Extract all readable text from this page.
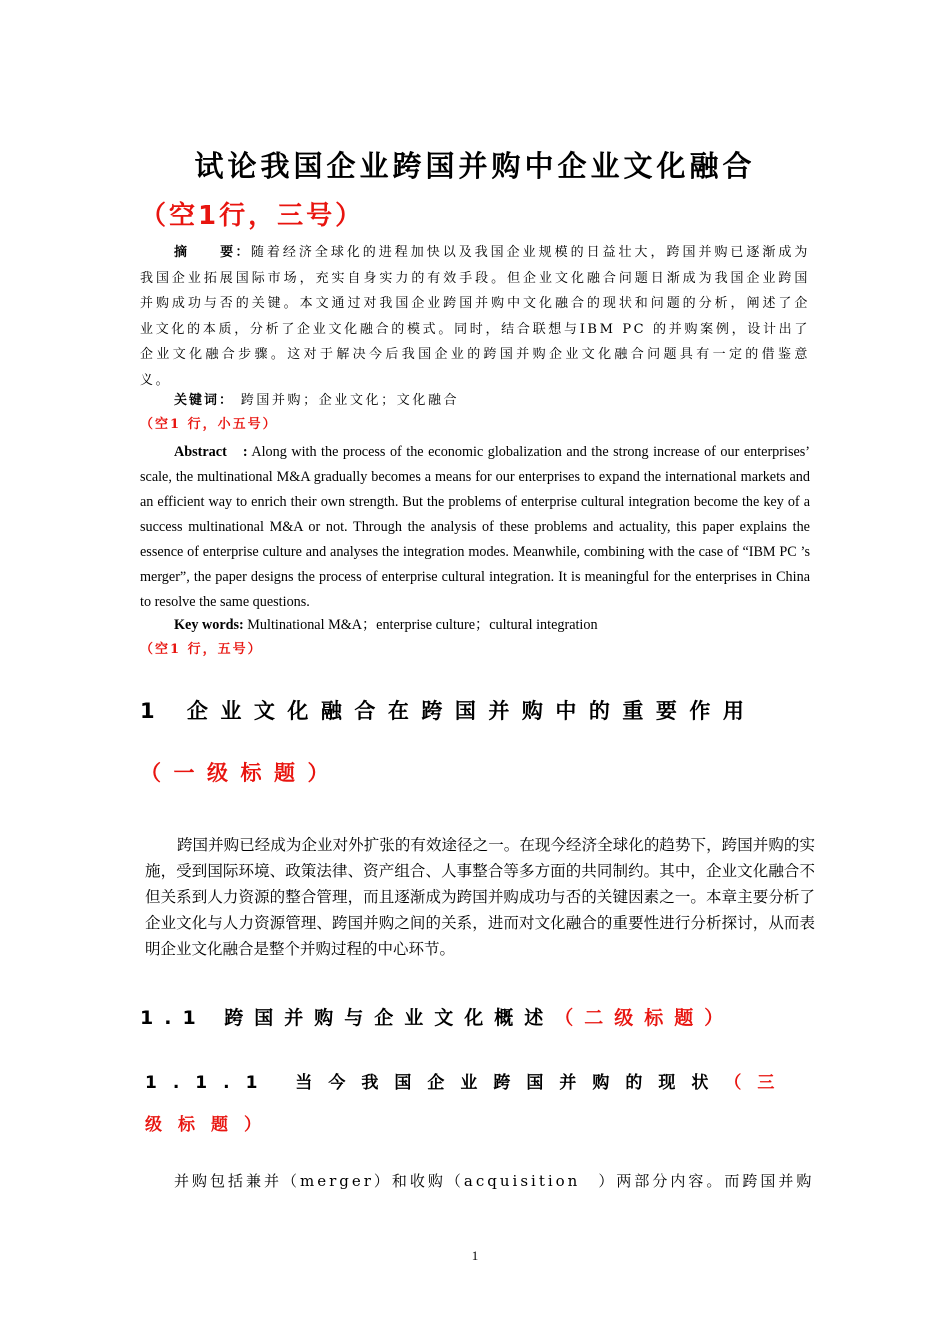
试论我国企业跨国并购中企业文化融合
（空1行，三号）

摘　　要：随着经济全球化的进程加快以及我国企业规模的日益壮大，跨国并购已逐渐成为我国企业拓展国际市场，充实自身实力的有效手段。但企业文化融合问题日渐成为我国企业跨国并购成功与否的关键。本文通过对我国企业跨国并购中文化融合的现状和问题的分析，阐述了企业文化的本质，分析了企业文化融合的模式。同时，结合联想与IBM PC 的并购案例，设计出了企业文化融合步骤。这对于解决今后我国企业的跨国并购企业文化融合问题具有一定的借鉴意义。

关键词： 跨国并购；企业文化；文化融合
（空1 行，小五号）

Abstract　: Along with the process of the economic globalization and the strong increase of our enterprises’ scale, the multinational M&A gradually becomes a means for our enterprises to expand the international markets and an efficient way to enrich their own strength. But the problems of enterprise cultural integration become the key of a success multinational M&A or not. Through the analysis of these problems and actuality, this paper explains the essence of enterprise culture and analyses the integration modes. Meanwhile, combining with the case of “IBM PC ’s merger”, the paper designs the process of enterprise cultural integration. It is meaningful for the enterprises in China to resolve the same questions.

Key words: Multinational M&A；enterprise culture；cultural integration
（空1 行，五号）
1 企业文化融合在跨国并购中的重要作用（一级标题）

跨国并购已经成为企业对外扩张的有效途径之一。在现今经济全球化的趋势下，跨国并购的实施，受到国际环境、政策法律、资产组合、人事整合等多方面的共同制约。其中，企业文化融合不但关系到人力资源的整合管理，而且逐渐成为跨国并购成功与否的关键因素之一。本章主要分析了企业文化与人力资源管理、跨国并购之间的关系，进而对文化融合的重要性进行分析探讨，从而表明企业文化融合是整个并购过程的中心环节。

1.1 跨国并购与企业文化概述（二级标题）
1.1.1 当今我国企业跨国并购的现状（三级标题）

并购包括兼并（merger）和收购（acquisition　）两部分内容。而跨国并购

1
